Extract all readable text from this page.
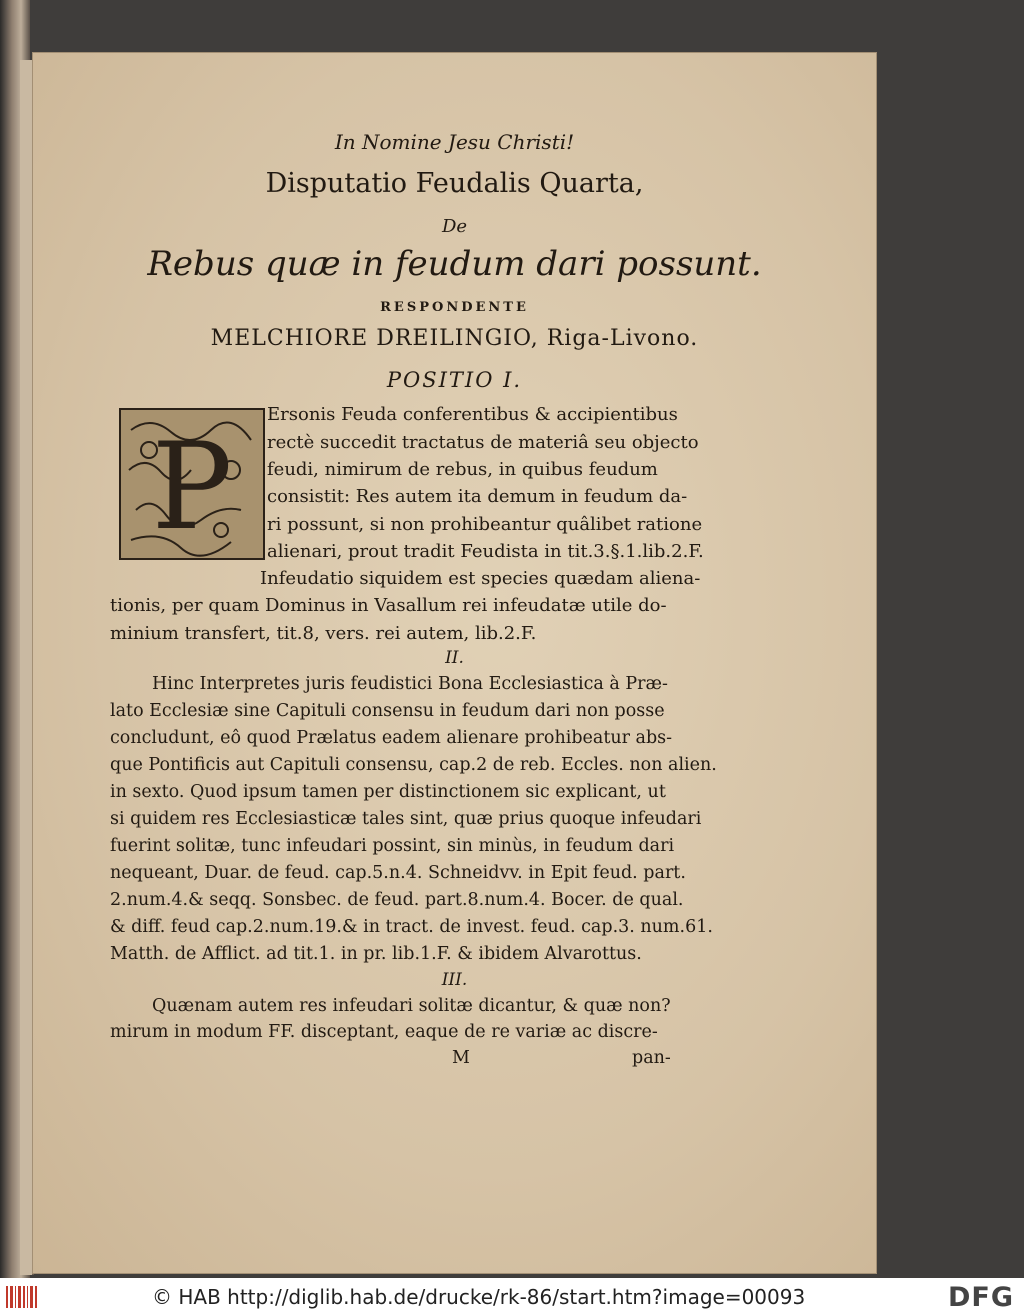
In Nomine Jesu Christi!
Disputatio Feudalis Quarta,
De
Rebus quæ in feudum dari possunt.
RESPONDENTE
MELCHIORE DREILINGIO, Riga-Livono.
POSITIO I.
P
Ersonis Feuda conferentibus & accipientibus
rectè succedit tractatus de materiâ seu objecto
feudi, nimirum de rebus, in quibus feudum
consistit: Res autem ita demum in feudum da-
ri possunt, si non prohibeantur quâlibet ratione
alienari, prout tradit Feudista in tit.3.§.1.lib.2.F.
Infeudatio siquidem est species quædam aliena-
tionis, per quam Dominus in Vasallum rei infeudatæ utile do-
minium transfert, tit.8, vers. rei autem, lib.2.F.
II.
Hinc Interpretes juris feudistici Bona Ecclesiastica à Præ-
lato Ecclesiæ sine Capituli consensu in feudum dari non posse
concludunt, eô quod Prælatus eadem alienare prohibeatur abs-
que Pontificis aut Capituli consensu, cap.2 de reb. Eccles. non alien.
in sexto. Quod ipsum tamen per distinctionem sic explicant, ut
si quidem res Ecclesiasticæ tales sint, quæ prius quoque infeudari
fuerint solitæ, tunc infeudari possint, sin minùs, in feudum dari
nequeant, Duar. de feud. cap.5.n.4. Schneidvv. in Epit feud. part.
2.num.4.& seqq. Sonsbec. de feud. part.8.num.4. Bocer. de qual.
& diff. feud cap.2.num.19.& in tract. de invest. feud. cap.3. num.61.
Matth. de Afflict. ad tit.1. in pr. lib.1.F. & ibidem Alvarottus.
III.
Quænam autem res infeudari solitæ dicantur, & quæ non?
mirum in modum FF. disceptant, eaque de re variæ ac discre-
M	pan-
© HAB http://diglib.hab.de/drucke/rk-86/start.htm?image=00093	DFG
